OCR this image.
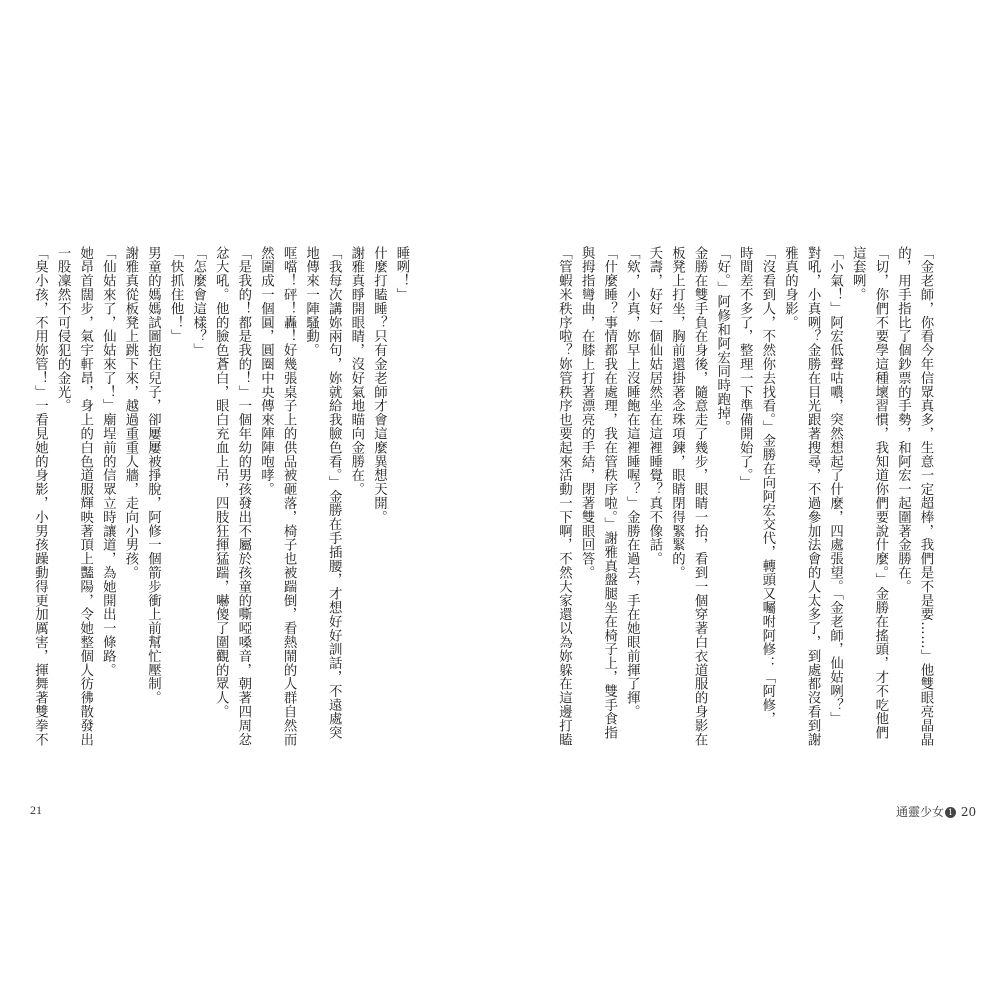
「金老師，你看今年信眾真多，生意一定超棒，我們是不是要……」他雙眼亮晶晶
的，用手指比了個鈔票的手勢，和阿宏一起圍著金勝在。
「切，你們不要學這種壞習慣，我知道你們要說什麼。」金勝在搖頭，才不吃他們
這套咧。
「小氣！」阿宏低聲咕噥，突然想起了什麼，四處張望。「金老師，仙姑咧？」
對吼，小真咧？金勝在目光跟著搜尋，不過參加法會的人太多了，到處都沒看到謝
雅真的身影。
「沒看到人，不然你去找看。」金勝在向阿宏交代，轉頭又囑咐阿修：「阿修，
時間差不多了，整理一下準備開始了。」
「好。」阿修和阿宏同時跑掉。
金勝在雙手負在身後，隨意走了幾步，眼睛一抬，看到一個穿著白衣道服的身影在
板凳上打坐，胸前還掛著念珠項鍊，眼睛閉得緊緊的。
夭壽，好好一個仙姑居然坐在這裡睡覺？真不像話。
「欸，小真，妳早上沒睡飽在這裡睡喔？」金勝在過去，手在她眼前揮了揮。
「什麼睡？事情都我在處理，我在管秩序啦。」謝雅真盤腿坐在椅子上，雙手食指
與拇指彎曲，在膝上打著漂亮的手結，閉著雙眼回答。
「管蝦米秩序啦？妳管秩序也要起來活動一下啊，不然大家還以為妳躲在這邊打瞌
睡咧！」
什麼打瞌睡？只有金老師才會這麼異想天開。
謝雅真睜開眼睛，沒好氣地瞄向金勝在。
「我每次講妳兩句，妳就給我臉色看。」金勝在手插腰，才想好好訓話，不遠處突
地傳來一陣騷動。
哐噹！砰！轟！好幾張桌子上的供品被砸落，椅子也被踹倒，看熱鬧的人群自然而
然圍成一個圓，圓圈中央傳來陣陣咆哮。
「是我的！都是我的！」一個年幼的男孩發出不屬於孩童的嘶啞嗓音，朝著四周忿
忿大吼。他的臉色蒼白，眼白充血上吊，四肢狂揮猛踹，嚇傻了圍觀的眾人。
「怎麼會這樣？」
「快抓住他！」
男童的媽媽試圖抱住兒子，卻屢屢被掙脫，阿修一個箭步衝上前幫忙壓制。
謝雅真從板凳上跳下來，越過重重人牆，走向小男孩。
「仙姑來了，仙姑來了！」廟埕前的信眾立時讓道，為她開出一條路。
她昂首闊步，氣宇軒昂，身上的白色道服輝映著頂上豔陽，令她整個人彷彿散發出
一股凜然不可侵犯的金光。
「臭小孩，不用妳管！」一看見她的身影，小男孩躁動得更加厲害，揮舞著雙拳不
21	通靈少女 1 20
